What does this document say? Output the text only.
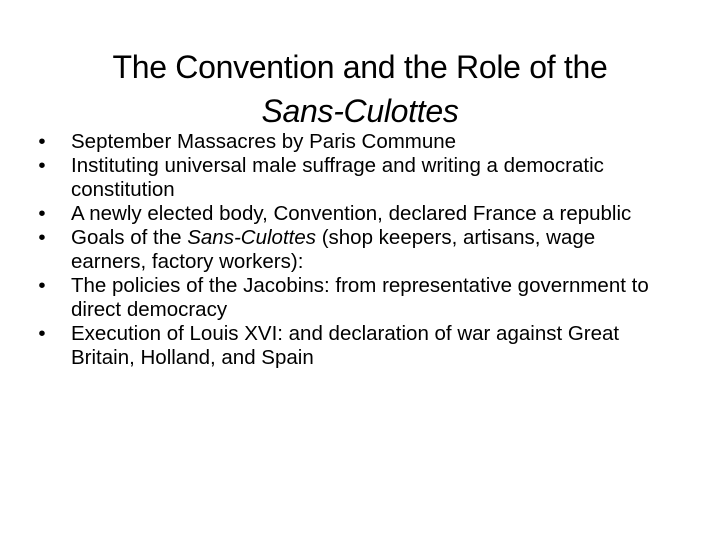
The Convention and the Role of the
Sans-Culottes
• September Massacres by Paris Commune
• Instituting universal male suffrage and writing a democratic constitution
• A newly elected body, Convention, declared France a republic
• Goals of the Sans-Culottes (shop keepers, artisans, wage earners, factory workers):
• The policies of the Jacobins: from representative government to direct democracy
• Execution of Louis XVI: and declaration of war against Great Britain, Holland, and Spain
